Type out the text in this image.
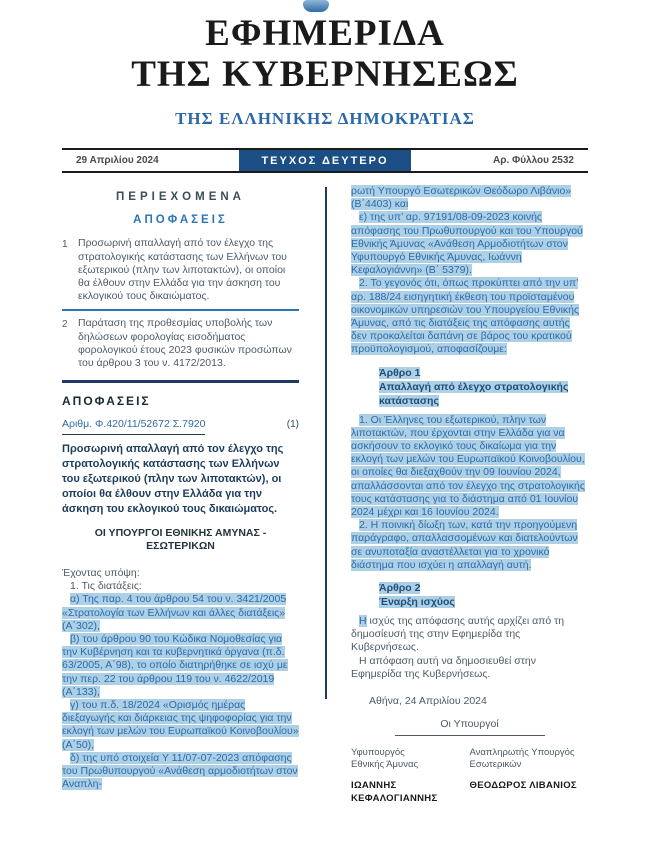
ΕΦΗΜΕΡΙΔΑ
ΤΗΣ ΚΥΒΕΡΝΗΣΕΩΣ
ΤΗΣ ΕΛΛΗΝΙΚΗΣ ΔΗΜΟΚΡΑΤΙΑΣ
29 Απριλίου 2024	ΤΕΥΧΟΣ ΔΕΥΤΕΡΟ	Αρ. Φύλλου 2532
ΠΕΡΙΕΧΟΜΕΝΑ
ΑΠΟΦΑΣΕΙΣ
1 Προσωρινή απαλλαγή από τον έλεγχο της στρατολογικής κατάστασης των Ελλήνων του εξωτερικού (πλην των λιποτακτών), οι οποίοι θα έλθουν στην Ελλάδα για την άσκηση του εκλογικού τους δικαιώματος.
2 Παράταση της προθεσμίας υποβολής των δηλώσεων φορολογίας εισοδήματος φορολογικού έτους 2023 φυσικών προσώπων του άρθρου 3 του ν. 4172/2013.
ΑΠΟΦΑΣΕΙΣ
Αριθμ. Φ.420/11/52672 Σ.7920	(1)
Προσωρινή απαλλαγή από τον έλεγχο της στρατολογικής κατάστασης των Ελλήνων του εξωτερικού (πλην των λιποτακτών), οι οποίοι θα έλθουν στην Ελλάδα για την άσκηση του εκλογικού τους δικαιώματος.
ΟΙ ΥΠΟΥΡΓΟΙ ΕΘΝΙΚΗΣ ΑΜΥΝΑΣ - ΕΣΩΤΕΡΙΚΩΝ

Έχοντας υπόψη:

1. Τις διατάξεις:

α) Της παρ. 4 του άρθρου 54 του ν. 3421/2005 «Στρατολογία των Ελλήνων και άλλες διατάξεις» (Α΄302),

β) του άρθρου 90 του Κώδικα Νομοθεσίας για την Κυβέρνηση και τα κυβερνητικά όργανα (π.δ. 63/2005, Α΄98), το οποίο διατηρήθηκε σε ισχύ με την περ. 22 του άρθρου 119 του ν. 4622/2019 (Α΄133),

γ) του π.δ. 18/2024 «Ορισμός ημέρας διεξαγωγής και διάρκειας της ψηφοφορίας για την εκλογή των μελών του Ευρωπαϊκού Κοινοβουλίου» (Α΄50),

δ) της υπό στοιχεία Υ 11/07-07-2023 απόφασης του Πρωθυπουργού «Ανάθεση αρμοδιοτήτων στον Αναπλη-

ρωτή Υπουργό Εσωτερικών Θεόδωρο Λιβάνιο» (Β΄4403) και

ε) της υπ’ αρ. 97191/08-09-2023 κοινής απόφασης του Πρωθυπουργού και του Υπουργού Εθνικής Άμυνας «Ανάθεση Αρμοδιοτήτων στον Υφυπουργό Εθνικής Άμυνας, Ιωάννη Κεφαλογιάννη» (Β΄ 5379).

2. Το γεγονός ότι, όπως προκύπτει από την υπ’ αρ. 188/24 εισηγητική έκθεση του προϊσταμένου οικονομικών υπηρεσιών του Υπουργείου Εθνικής Άμυνας, από τις διατάξεις της απόφασης αυτής δεν προκαλείται δαπάνη σε βάρος του κρατικού προϋπολογισμού, αποφασίζουμε:

Άρθρο 1
Απαλλαγή από έλεγχο στρατολογικής κατάστασης

1. Οι Έλληνες του εξωτερικού, πλην των λιποτακτών, που έρχονται στην Ελλάδα για να ασκήσουν το εκλογικό τους δικαίωμα για την εκλογή των μελών του Ευρωπαϊκού Κοινοβουλίου, οι οποίες θα διεξαχθούν την 09 Ιουνίου 2024, απαλλάσσονται από τον έλεγχο της στρατολογικής τους κατάστασης για το διάστημα από 01 Ιουνίου 2024 μέχρι και 16 Ιουνίου 2024.

2. Η ποινική δίωξη των, κατά την προηγούμενη παράγραφο, απαλλασσομένων και διατελούντων σε ανυποταξία αναστέλλεται για το χρονικό διάστημα που ισχύει η απαλλαγή αυτή.

Άρθρο 2
Έναρξη ισχύος

Η ισχύς της απόφασης αυτής αρχίζει από τη δημοσίευσή της στην Εφημερίδα της Κυβερνήσεως.

Η απόφαση αυτή να δημοσιευθεί στην Εφημερίδα της Κυβερνήσεως.

Αθήνα, 24 Απριλίου 2024
Οι Υπουργοί
Υφυπουργός
Εθνικής Άμυνας
Αναπληρωτής Υπουργός
Εσωτερικών
ΙΩΑΝΝΗΣ ΚΕΦΑΛΟΓΙΑΝΝΗΣ
ΘΕΟΔΩΡΟΣ ΛΙΒΑΝΙΟΣ
